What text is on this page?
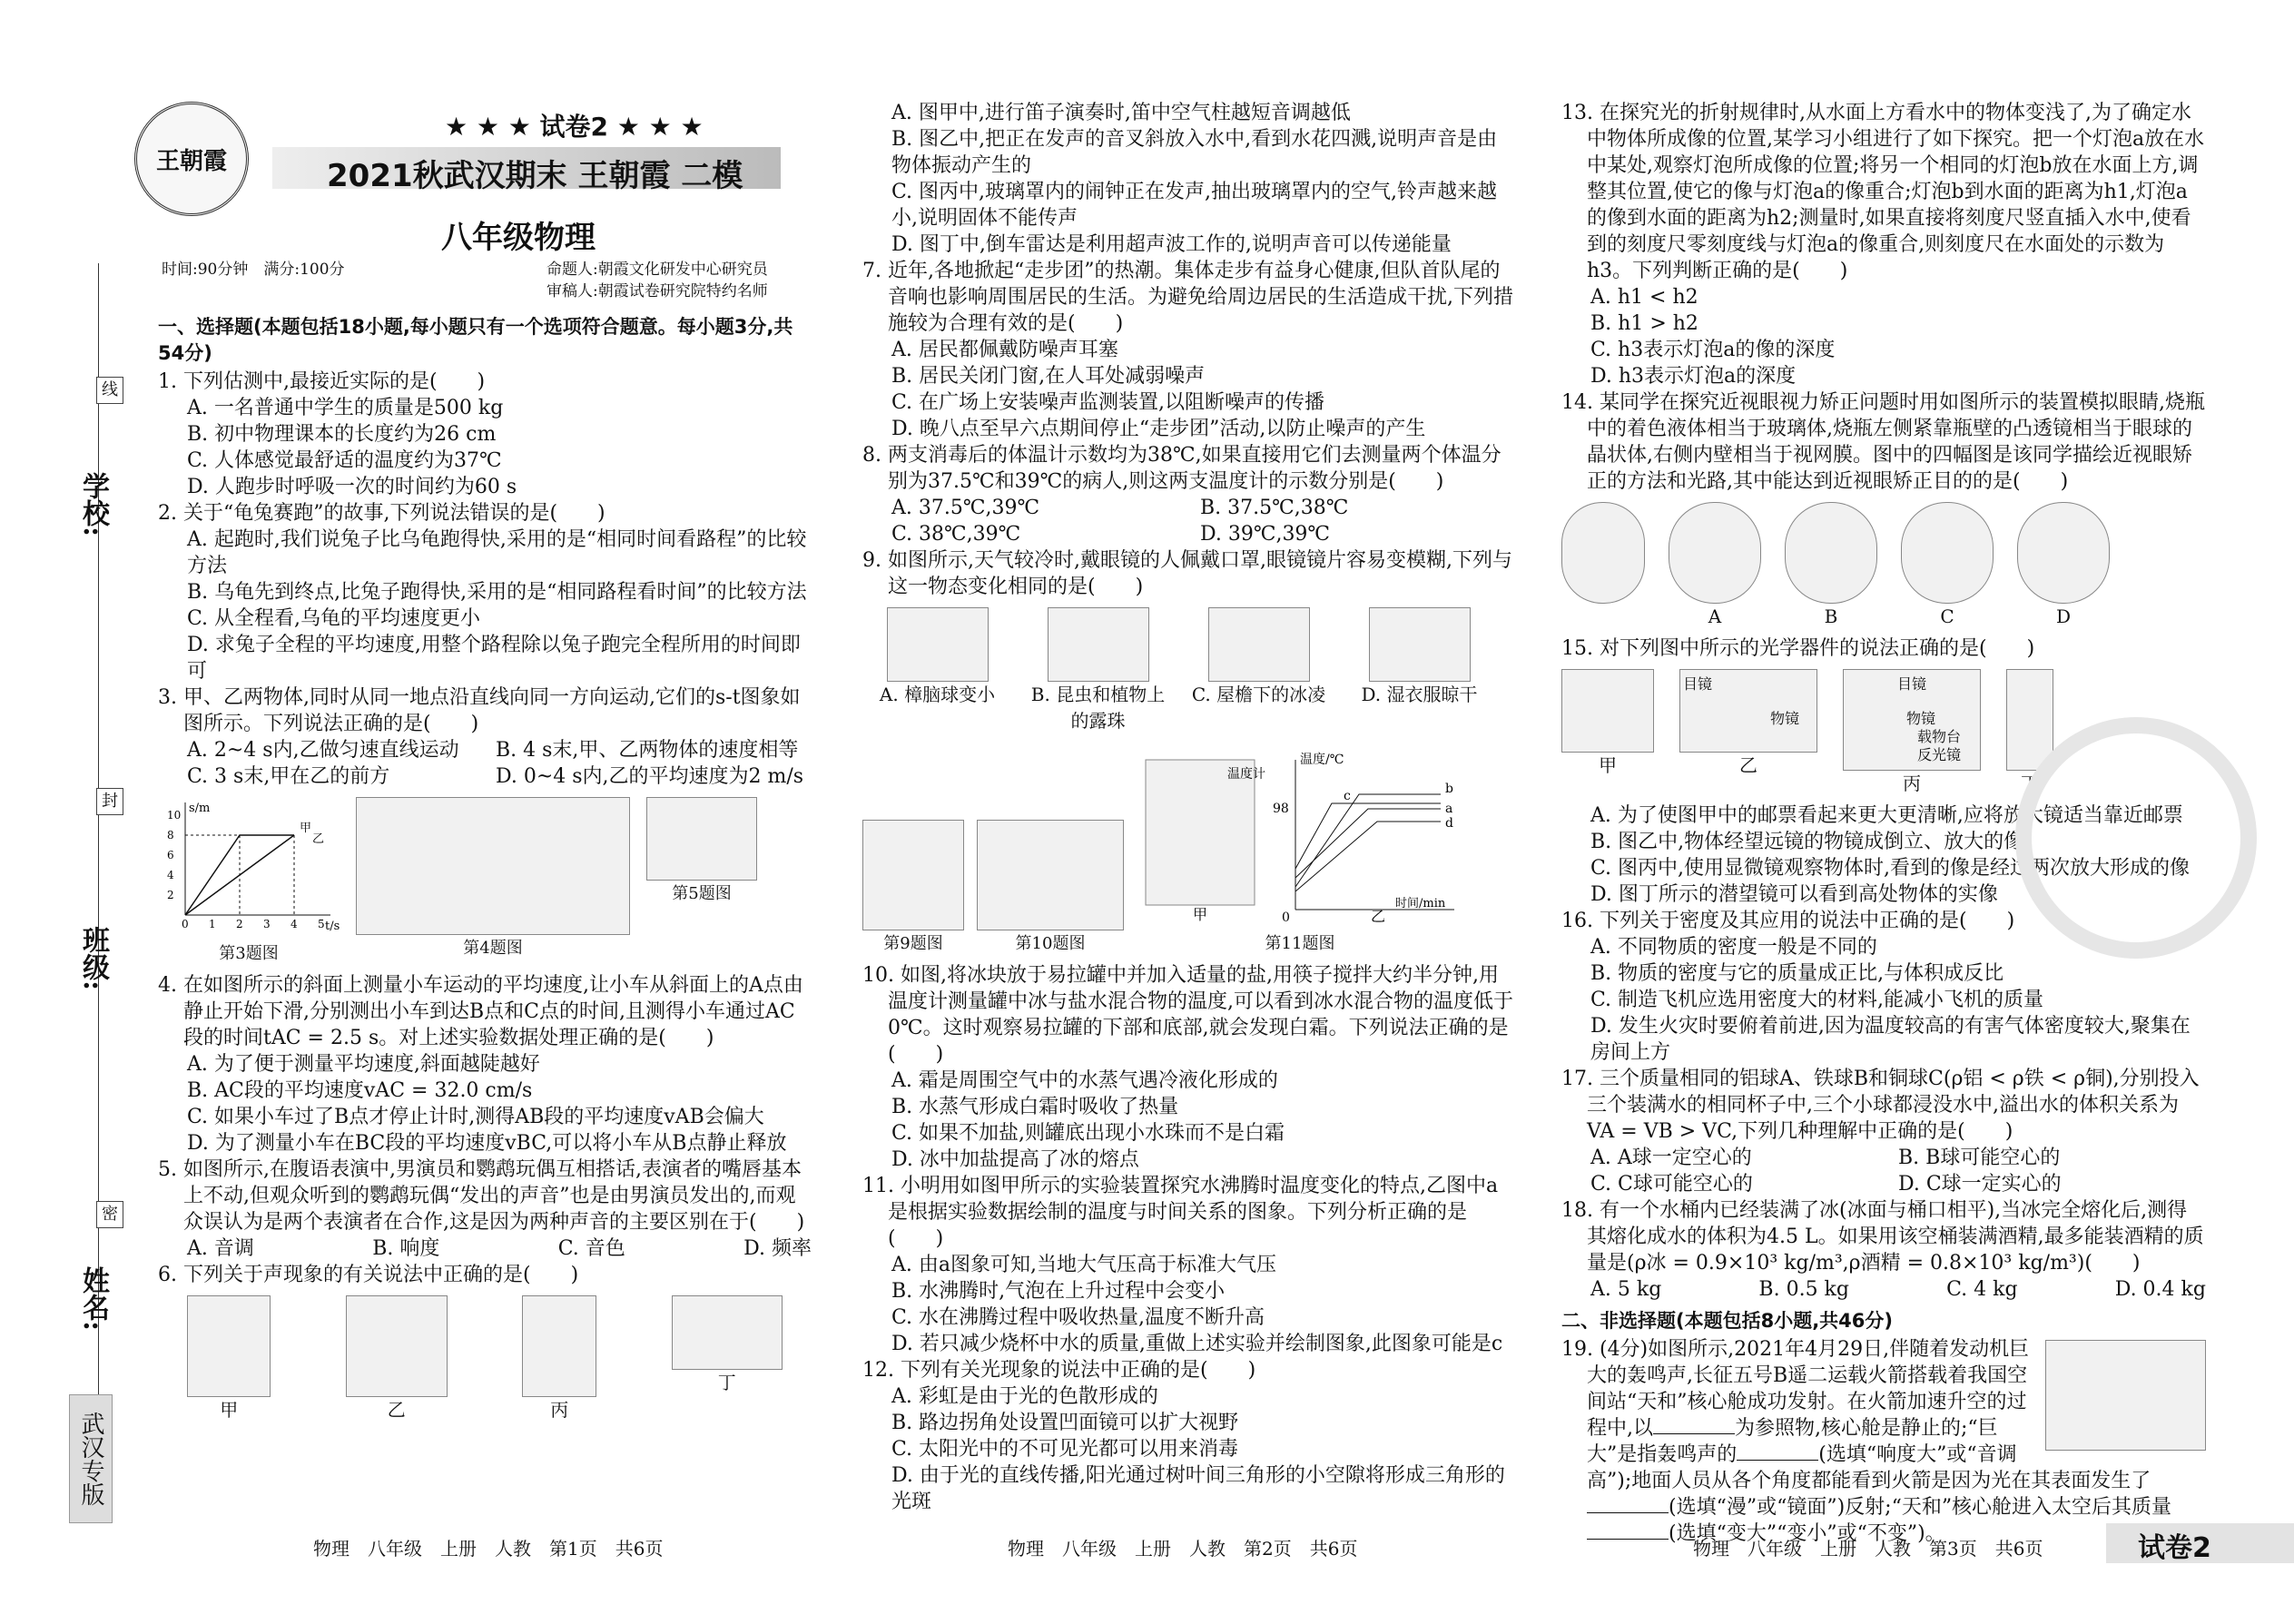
线
封
密
学校:
班级:
姓名:
武汉专版
王朝霞
★ ★ ★ 试卷2 ★ ★ ★
2021秋武汉期末 王朝霞 二模
八年级物理
时间:90分钟　满分:100分	命题人:朝霞文化研发中心研究员
审稿人:朝霞试卷研究院特约名师

一、选择题(本题包括18小题,每小题只有一个选项符合题意。每小题3分,共54分)

1. 下列估测中,最接近实际的是(　　)

A. 一名普通中学生的质量是500 kg

B. 初中物理课本的长度约为26 cm

C. 人体感觉最舒适的温度约为37℃

D. 人跑步时呼吸一次的时间约为60 s

2. 关于“龟兔赛跑”的故事,下列说法错误的是(　　)

A. 起跑时,我们说兔子比乌龟跑得快,采用的是“相同时间看路程”的比较方法

B. 乌龟先到终点,比兔子跑得快,采用的是“相同路程看时间”的比较方法

C. 从全程看,乌龟的平均速度更小

D. 求兔子全程的平均速度,用整个路程除以兔子跑完全程所用的时间即可

3. 甲、乙两物体,同时从同一地点沿直线向同一方向运动,它们的s-t图象如图所示。下列说法正确的是(　　)

A. 2~4 s内,乙做匀速直线运动	B. 4 s末,甲、乙两物体的速度相等
C. 3 s末,甲在乙的前方	D. 0~4 s内,乙的平均速度为2 m/s
t/s
s/m
0 1 2 3 4 5
2
4
6
8
10
甲
乙
第3题图	第4题图
第5题图

4. 在如图所示的斜面上测量小车运动的平均速度,让小车从斜面上的A点由静止开始下滑,分别测出小车到达B点和C点的时间,且测得小车通过AC段的时间tAC = 2.5 s。对上述实验数据处理正确的是(　　)

A. 为了便于测量平均速度,斜面越陡越好

B. AC段的平均速度vAC = 32.0 cm/s

C. 如果小车过了B点才停止计时,测得AB段的平均速度vAB会偏大

D. 为了测量小车在BC段的平均速度vBC,可以将小车从B点静止释放

5. 如图所示,在腹语表演中,男演员和鹦鹉玩偶互相搭话,表演者的嘴唇基本上不动,但观众听到的鹦鹉玩偶“发出的声音”也是由男演员发出的,而观众误认为是两个表演者在合作,这是因为两种声音的主要区别在于(　　)

A. 音调	B. 响度	C. 音色	D. 频率

6. 下列关于声现象的有关说法中正确的是(　　)

甲	乙	丙
丁

A. 图甲中,进行笛子演奏时,笛中空气柱越短音调越低

B. 图乙中,把正在发声的音叉斜放入水中,看到水花四溅,说明声音是由物体振动产生的

C. 图丙中,玻璃罩内的闹钟正在发声,抽出玻璃罩内的空气,铃声越来越小,说明固体不能传声

D. 图丁中,倒车雷达是利用超声波工作的,说明声音可以传递能量

7. 近年,各地掀起“走步团”的热潮。集体走步有益身心健康,但队首队尾的音响也影响周围居民的生活。为避免给周边居民的生活造成干扰,下列措施较为合理有效的是(　　)

A. 居民都佩戴防噪声耳塞

B. 居民关闭门窗,在人耳处减弱噪声

C. 在广场上安装噪声监测装置,以阻断噪声的传播

D. 晚八点至早六点期间停止“走步团”活动,以防止噪声的产生

8. 两支消毒后的体温计示数均为38℃,如果直接用它们去测量两个体温分别为37.5℃和39℃的病人,则这两支温度计的示数分别是(　　)

A. 37.5℃,39℃	B. 37.5℃,38℃
C. 38℃,39℃	D. 39℃,39℃

9. 如图所示,天气较冷时,戴眼镜的人佩戴口罩,眼镜镜片容易变模糊,下列与这一物态变化相同的是(　　)

A. 樟脑球变小	B. 昆虫和植物上的露珠
C. 屋檐下的冰凌	D. 湿衣服晾干
第9题图	第10题图
温度计
甲
温度/℃
时间/min
98
0
a
b
c
d
乙
第11题图

10. 如图,将冰块放于易拉罐中并加入适量的盐,用筷子搅拌大约半分钟,用温度计测量罐中冰与盐水混合物的温度,可以看到冰水混合物的温度低于0℃。这时观察易拉罐的下部和底部,就会发现白霜。下列说法正确的是(　　)

A. 霜是周围空气中的水蒸气遇冷液化形成的

B. 水蒸气形成白霜时吸收了热量

C. 如果不加盐,则罐底出现小水珠而不是白霜

D. 冰中加盐提高了冰的熔点

11. 小明用如图甲所示的实验装置探究水沸腾时温度变化的特点,乙图中a是根据实验数据绘制的温度与时间关系的图象。下列分析正确的是(　　)

A. 由a图象可知,当地大气压高于标准大气压

B. 水沸腾时,气泡在上升过程中会变小

C. 水在沸腾过程中吸收热量,温度不断升高

D. 若只减少烧杯中水的质量,重做上述实验并绘制图象,此图象可能是c

12. 下列有关光现象的说法中正确的是(　　)

A. 彩虹是由于光的色散形成的

B. 路边拐角处设置凹面镜可以扩大视野

C. 太阳光中的不可见光都可以用来消毒

D. 由于光的直线传播,阳光通过树叶间三角形的小空隙将形成三角形的光斑

13. 在探究光的折射规律时,从水面上方看水中的物体变浅了,为了确定水中物体所成像的位置,某学习小组进行了如下探究。把一个灯泡a放在水中某处,观察灯泡所成像的位置;将另一个相同的灯泡b放在水面上方,调整其位置,使它的像与灯泡a的像重合;灯泡b到水面的距离为h1,灯泡a的像到水面的距离为h2;测量时,如果直接将刻度尺竖直插入水中,使看到的刻度尺零刻度线与灯泡a的像重合,则刻度尺在水面处的示数为h3。下列判断正确的是(　　)

A. h1 < h2

B. h1 > h2

C. h3表示灯泡a的像的深度

D. h3表示灯泡a的深度

14. 某同学在探究近视眼视力矫正问题时用如图所示的装置模拟眼睛,烧瓶中的着色液体相当于玻璃体,烧瓶左侧紧靠瓶壁的凸透镜相当于眼球的晶状体,右侧内壁相当于视网膜。图中的四幅图是该同学描绘近视眼矫正的方法和光路,其中能达到近视眼矫正目的的是(　　)

A	B	C	D

15. 对下列图中所示的光学器件的说法正确的是(　　)

甲
目镜
物镜
乙
目镜
物镜
载物台
反光镜
丙	丁

A. 为了使图甲中的邮票看起来更大更清晰,应将放大镜适当靠近邮票

B. 图乙中,物体经望远镜的物镜成倒立、放大的像

C. 图丙中,使用显微镜观察物体时,看到的像是经过两次放大形成的像

D. 图丁所示的潜望镜可以看到高处物体的实像

16. 下列关于密度及其应用的说法中正确的是(　　)

A. 不同物质的密度一般是不同的

B. 物质的密度与它的质量成正比,与体积成反比

C. 制造飞机应选用密度大的材料,能减小飞机的质量

D. 发生火灾时要俯着前进,因为温度较高的有害气体密度较大,聚集在房间上方

17. 三个质量相同的铝球A、铁球B和铜球C(ρ铝 < ρ铁 < ρ铜),分别投入三个装满水的相同杯子中,三个小球都浸没水中,溢出水的体积关系为VA = VB > VC,下列几种理解中正确的是(　　)

A. A球一定空心的	B. B球可能空心的
C. C球可能空心的	D. C球一定实心的

18. 有一个水桶内已经装满了冰(冰面与桶口相平),当冰完全熔化后,测得其熔化成水的体积为4.5 L。如果用该空桶装满酒精,最多能装酒精的质量是(ρ冰 = 0.9×10³ kg/m³,ρ酒精 = 0.8×10³ kg/m³)(　　)

A. 5 kg	B. 0.5 kg	C. 4 kg	D. 0.4 kg

二、非选择题(本题包括8小题,共46分)

19. (4分)如图所示,2021年4月29日,伴随着发动机巨大的轰鸣声,长征五号B遥二运载火箭搭载着我国空间站“天和”核心舱成功发射。在火箭加速升空的过程中,以	为参照物,核心舱是静止的;“巨大”是指轰鸣声的	(选填“响度大”或“音调高”);地面人员从各个角度都能看到火箭是因为光在其表面发生了(选填“漫”或“镜面”)反射;“天和”核心舱进入太空后其质量(选填“变大”“变小”或“不变”)。

物理　八年级　上册　人教　第1页　共6页	物理　八年级　上册　人教　第2页　共6页	物理　八年级　上册　人教　第3页　共6页	试卷2
